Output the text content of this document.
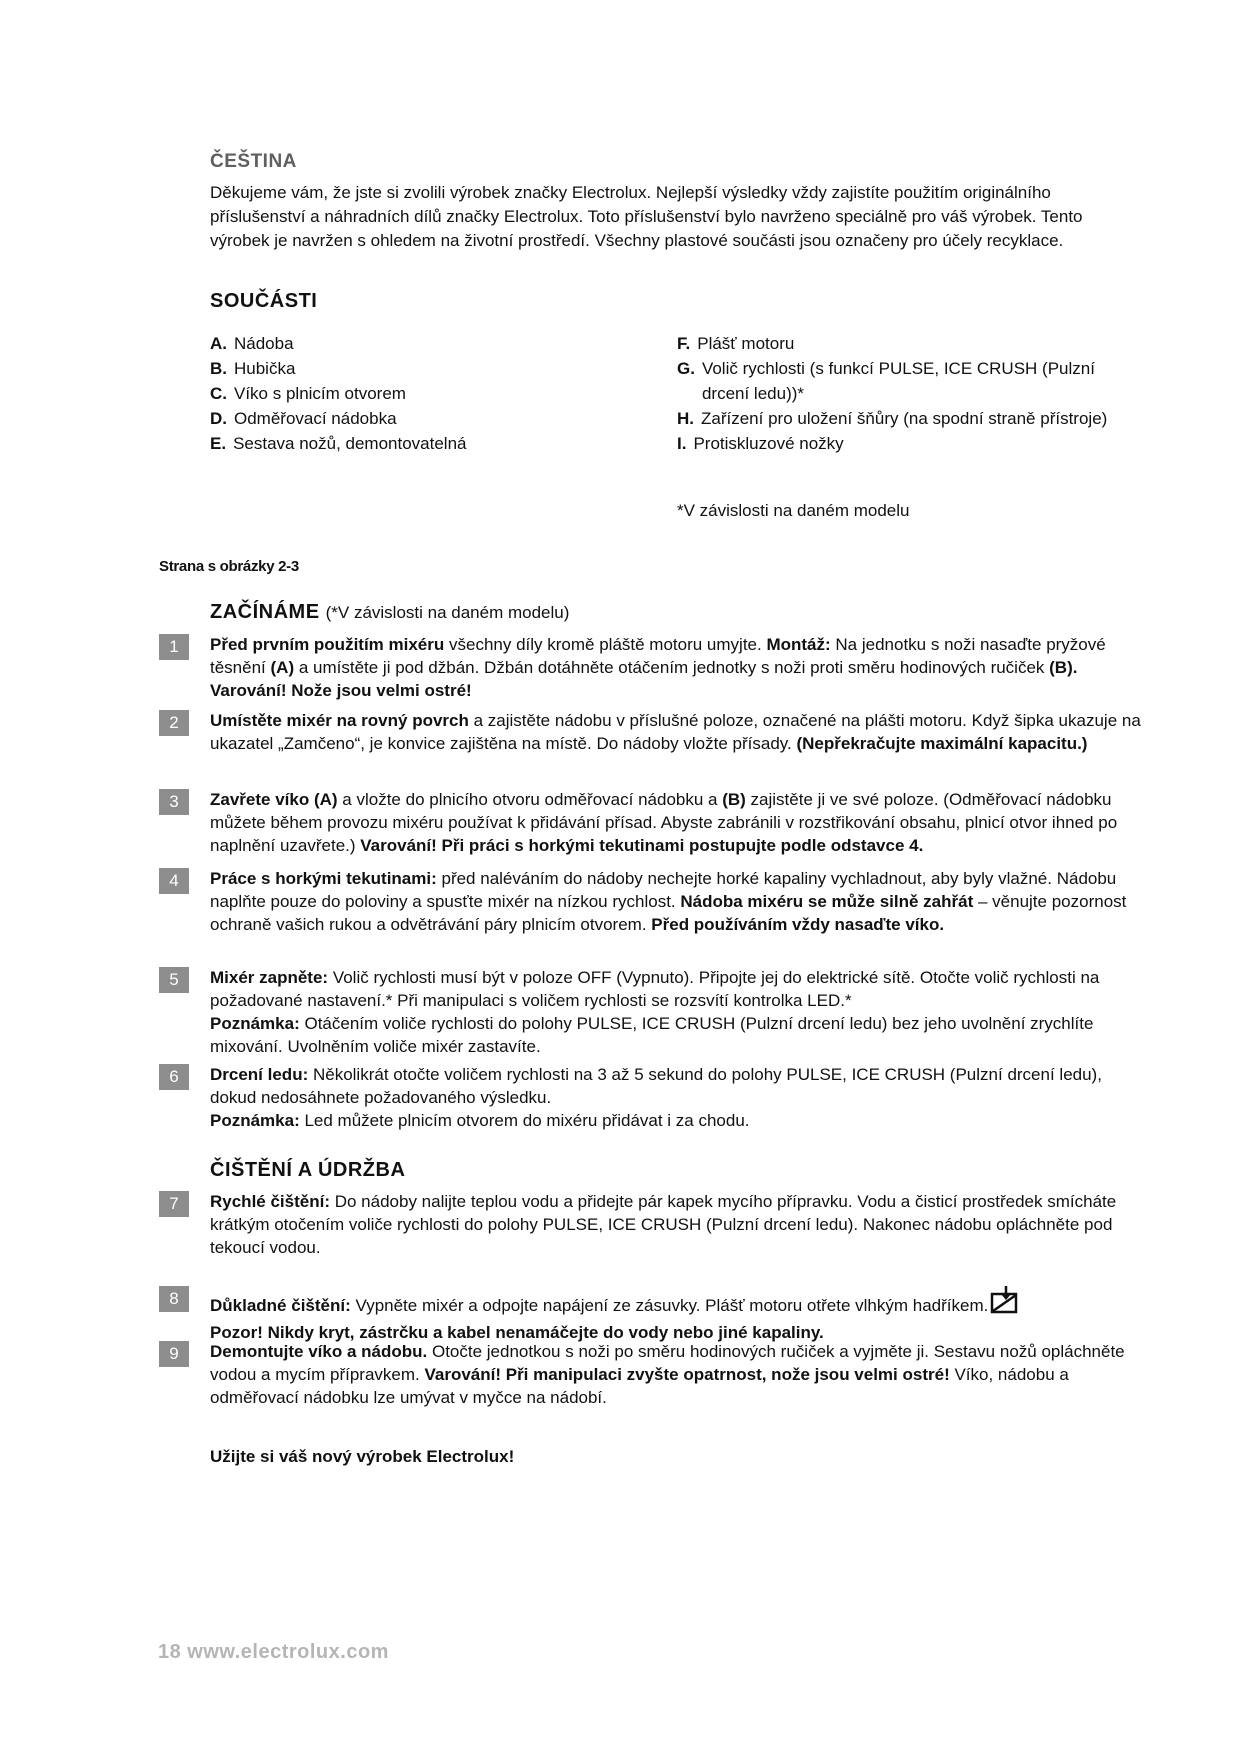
ČEŠTINA
Děkujeme vám, že jste si zvolili výrobek značky Electrolux. Nejlepší výsledky vždy zajistíte použitím originálního příslušenství a náhradních dílů značky Electrolux. Toto příslušenství bylo navrženo speciálně pro váš výrobek. Tento výrobek je navržen s ohledem na životní prostředí. Všechny plastové součásti jsou označeny pro účely recyklace.
SOUČÁSTI
A. Nádoba
B. Hubička
C. Víko s plnicím otvorem
D. Odměřovací nádobka
E. Sestava nožů, demontovatelná
F. Plášť motoru
G. Volič rychlosti (s funkcí PULSE, ICE CRUSH (Pulzní drcení ledu))*
H. Zařízení pro uložení šňůry (na spodní straně přístroje)
I. Protiskluzové nožky
*V závislosti na daném modelu
Strana s obrázky 2-3
ZAČÍNÁME (*V závislosti na daném modelu)
1	Před prvním použitím mixéru všechny díly kromě pláště motoru umyjte. Montáž: Na jednotku s noži nasaďte pryžové těsnění (A) a umístěte ji pod džbán. Džbán dotáhněte otáčením jednotky s noži proti směru hodinových ručiček (B). Varování! Nože jsou velmi ostré!
2	Umístěte mixér na rovný povrch a zajistěte nádobu v příslušné poloze, označené na plášti motoru. Když šipka ukazuje na ukazatel „Zamčeno“, je konvice zajištěna na místě. Do nádoby vložte přísady. (Nepřekračujte maximální kapacitu.)
3	Zavřete víko (A) a vložte do plnicího otvoru odměřovací nádobku a (B) zajistěte ji ve své poloze. (Odměřovací nádobku můžete během provozu mixéru používat k přidávání přísad. Abyste zabránili v rozstřikování obsahu, plnicí otvor ihned po naplnění uzavřete.) Varování! Při práci s horkými tekutinami postupujte podle odstavce 4.
4	Práce s horkými tekutinami: před naléváním do nádoby nechejte horké kapaliny vychladnout, aby byly vlažné. Nádobu naplňte pouze do poloviny a spusťte mixér na nízkou rychlost. Nádoba mixéru se může silně zahřát – věnujte pozornost ochraně vašich rukou a odvětrávání páry plnicím otvorem. Před používáním vždy nasaďte víko.
5	Mixér zapněte: Volič rychlosti musí být v poloze OFF (Vypnuto). Připojte jej do elektrické sítě. Otočte volič rychlosti na požadované nastavení.* Při manipulaci s voličem rychlosti se rozsvítí kontrolka LED.*
Poznámka: Otáčením voliče rychlosti do polohy PULSE, ICE CRUSH (Pulzní drcení ledu) bez jeho uvolnění zrychlíte mixování. Uvolněním voliče mixér zastavíte.
6	Drcení ledu: Několikrát otočte voličem rychlosti na 3 až 5 sekund do polohy PULSE, ICE CRUSH (Pulzní drcení ledu), dokud nedosáhnete požadovaného výsledku.
Poznámka: Led můžete plnicím otvorem do mixéru přidávat i za chodu.
ČIŠTĚNÍ A ÚDRŽBA
7	Rychlé čištění: Do nádoby nalijte teplou vodu a přidejte pár kapek mycího přípravku. Vodu a čisticí prostředek smícháte krátkým otočením voliče rychlosti do polohy PULSE, ICE CRUSH (Pulzní drcení ledu). Nakonec nádobu opláchněte pod tekoucí vodou.
8	Důkladné čištění: Vypněte mixér a odpojte napájení ze zásuvky. Plášť motoru otřete vlhkým hadříkem.
Pozor! Nikdy kryt, zástrčku a kabel nenamáčejte do vody nebo jiné kapaliny.
9	Demontujte víko a nádobu. Otočte jednotkou s noži po směru hodinových ručiček a vyjměte ji. Sestavu nožů opláchněte vodou a mycím přípravkem. Varování! Při manipulaci zvyšte opatrnost, nože jsou velmi ostré! Víko, nádobu a odměřovací nádobku lze umývat v myčce na nádobí.
Užijte si váš nový výrobek Electrolux!
18 www.electrolux.com
